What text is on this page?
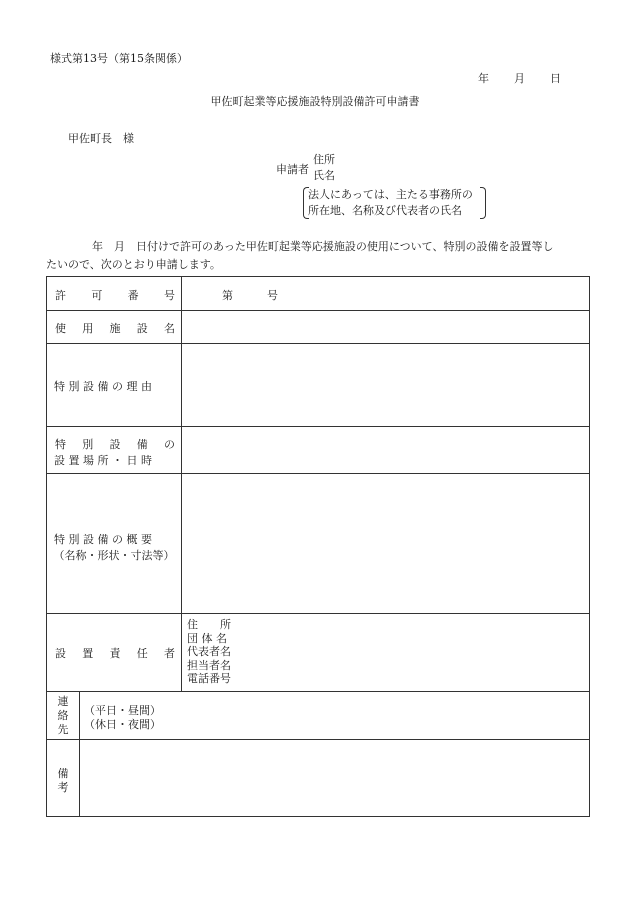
様式第13号（第15条関係）
年 月 日
甲佐町起業等応援施設特別設備許可申請書
甲佐町長　様
申請者
住所
氏名
法人にあっては、主たる事務所の
所在地、名称及び代表者の氏名
年　月　日付けで許可のあった甲佐町起業等応援施設の使用について、特別の設備を設置等し
たいので、次のとおり申請します。
許 可 番 号	第	号
使 用 施 設 名
特 別 設 備 の 理 由
特 別 設 備 の
設 置 場 所 ・ 日 時
特 別 設 備 の 概 要
（名称・形状・寸法等）
設 置 責 任 者
住　　所
団 体 名
代表者名
担当者名
電話番号
連
絡
先
（平日・昼間）
（休日・夜間）
備
考
